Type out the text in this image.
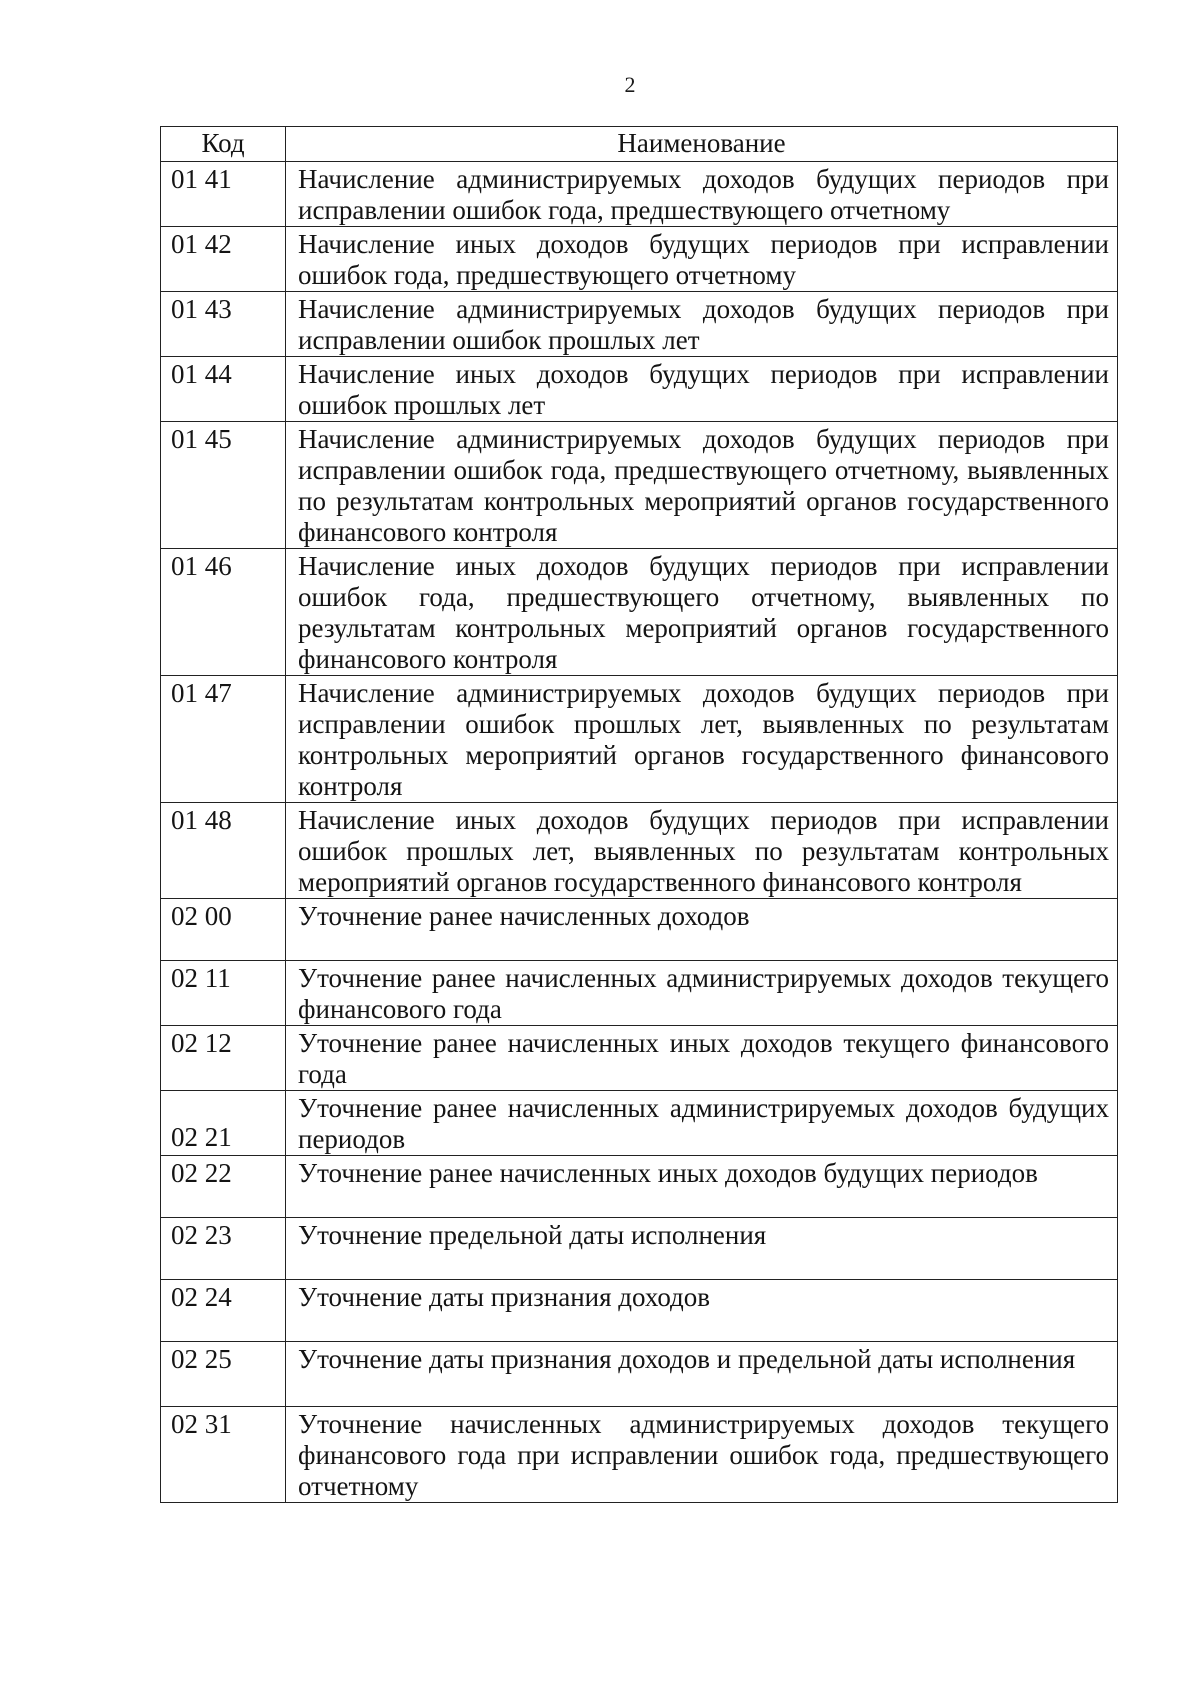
2
Код	Наименование
01 41	Начисление администрируемых доходов будущих периодов при исправлении ошибок года, предшествующего отчетному
01 42	Начисление иных доходов будущих периодов при исправлении ошибок года, предшествующего отчетному
01 43	Начисление администрируемых доходов будущих периодов при исправлении ошибок прошлых лет
01 44	Начисление иных доходов будущих периодов при исправлении ошибок прошлых лет
01 45	Начисление администрируемых доходов будущих периодов при исправлении ошибок года, предшествующего отчетному, выявленных по результатам контрольных мероприятий органов государственного финансового контроля
01 46	Начисление иных доходов будущих периодов при исправлении ошибок года, предшествующего отчетному, выявленных по результатам контрольных мероприятий органов государственного финансового контроля
01 47	Начисление администрируемых доходов будущих периодов при исправлении ошибок прошлых лет, выявленных по результатам контрольных мероприятий органов государственного финансового контроля
01 48	Начисление иных доходов будущих периодов при исправлении ошибок прошлых лет, выявленных по результатам контрольных мероприятий органов государственного финансового контроля
02 00	Уточнение ранее начисленных доходов
02 11	Уточнение ранее начисленных администрируемых доходов текущего финансового года
02 12	Уточнение ранее начисленных иных доходов текущего финансового года
02 21	Уточнение ранее начисленных администрируемых доходов будущих периодов
02 22	Уточнение ранее начисленных иных доходов будущих периодов
02 23	Уточнение предельной даты исполнения
02 24	Уточнение даты признания доходов
02 25	Уточнение даты признания доходов и предельной даты исполнения
02 31	Уточнение начисленных администрируемых доходов текущего финансового года при исправлении ошибок года, предшествующего отчетному
